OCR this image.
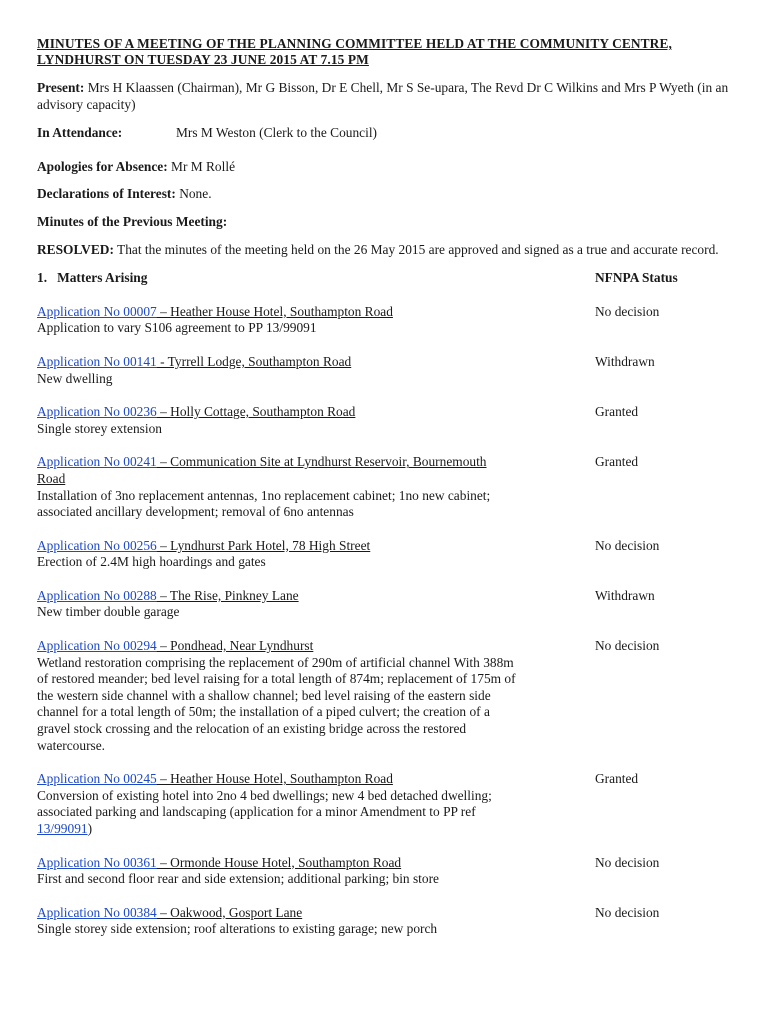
MINUTES OF A MEETING OF THE PLANNING COMMITTEE HELD AT THE COMMUNITY CENTRE, LYNDHURST ON TUESDAY 23 JUNE 2015 AT 7.15 PM

Present: Mrs H Klaassen (Chairman), Mr G Bisson, Dr E Chell, Mr S Se-upara, The Revd Dr C Wilkins and Mrs P Wyeth (in an advisory capacity)

In Attendance:	Mrs M Weston (Clerk to the Council)

Apologies for Absence: Mr M Rollé

Declarations of Interest: None.

Minutes of the Previous Meeting:

RESOLVED: That the minutes of the meeting held on the 26 May 2015 are approved and signed as a true and accurate record.

1.   Matters Arising	NFNPA Status
Application No 00007 – Heather House Hotel, Southampton Road

Application to vary S106 agreement to PP 13/99091

No decision
Application No 00141 - Tyrrell Lodge, Southampton Road

New dwelling

Withdrawn
Application No 00236 – Holly Cottage, Southampton Road

Single storey extension

Granted
Application No 00241 – Communication Site at Lyndhurst Reservoir, Bournemouth Road

Installation of 3no replacement antennas, 1no replacement cabinet; 1no new cabinet; associated ancillary development; removal of 6no antennas

Granted
Application No 00256 – Lyndhurst Park Hotel, 78 High Street

Erection of 2.4M high hoardings and gates

No decision
Application No 00288 – The Rise, Pinkney Lane

New timber double garage

Withdrawn
Application No 00294 – Pondhead, Near Lyndhurst

Wetland restoration comprising the replacement of 290m of artificial channel With 388m of restored meander; bed level raising for a total length of 874m; replacement of 175m of the western side channel with a shallow channel; bed level raising of the eastern side channel for a total length of 50m; the installation of a piped culvert; the creation of a gravel stock crossing and the relocation of an existing bridge across the restored watercourse.

No decision
Application No 00245 – Heather House Hotel, Southampton Road

Conversion of existing hotel into 2no 4 bed dwellings; new 4 bed detached dwelling; associated parking and landscaping (application for a minor Amendment to PP ref 13/99091)

Granted
Application No 00361 – Ormonde House Hotel, Southampton Road

First and second floor rear and side extension; additional parking; bin store

No decision
Application No 00384 – Oakwood, Gosport Lane

Single storey side extension; roof alterations to existing garage; new porch

No decision
